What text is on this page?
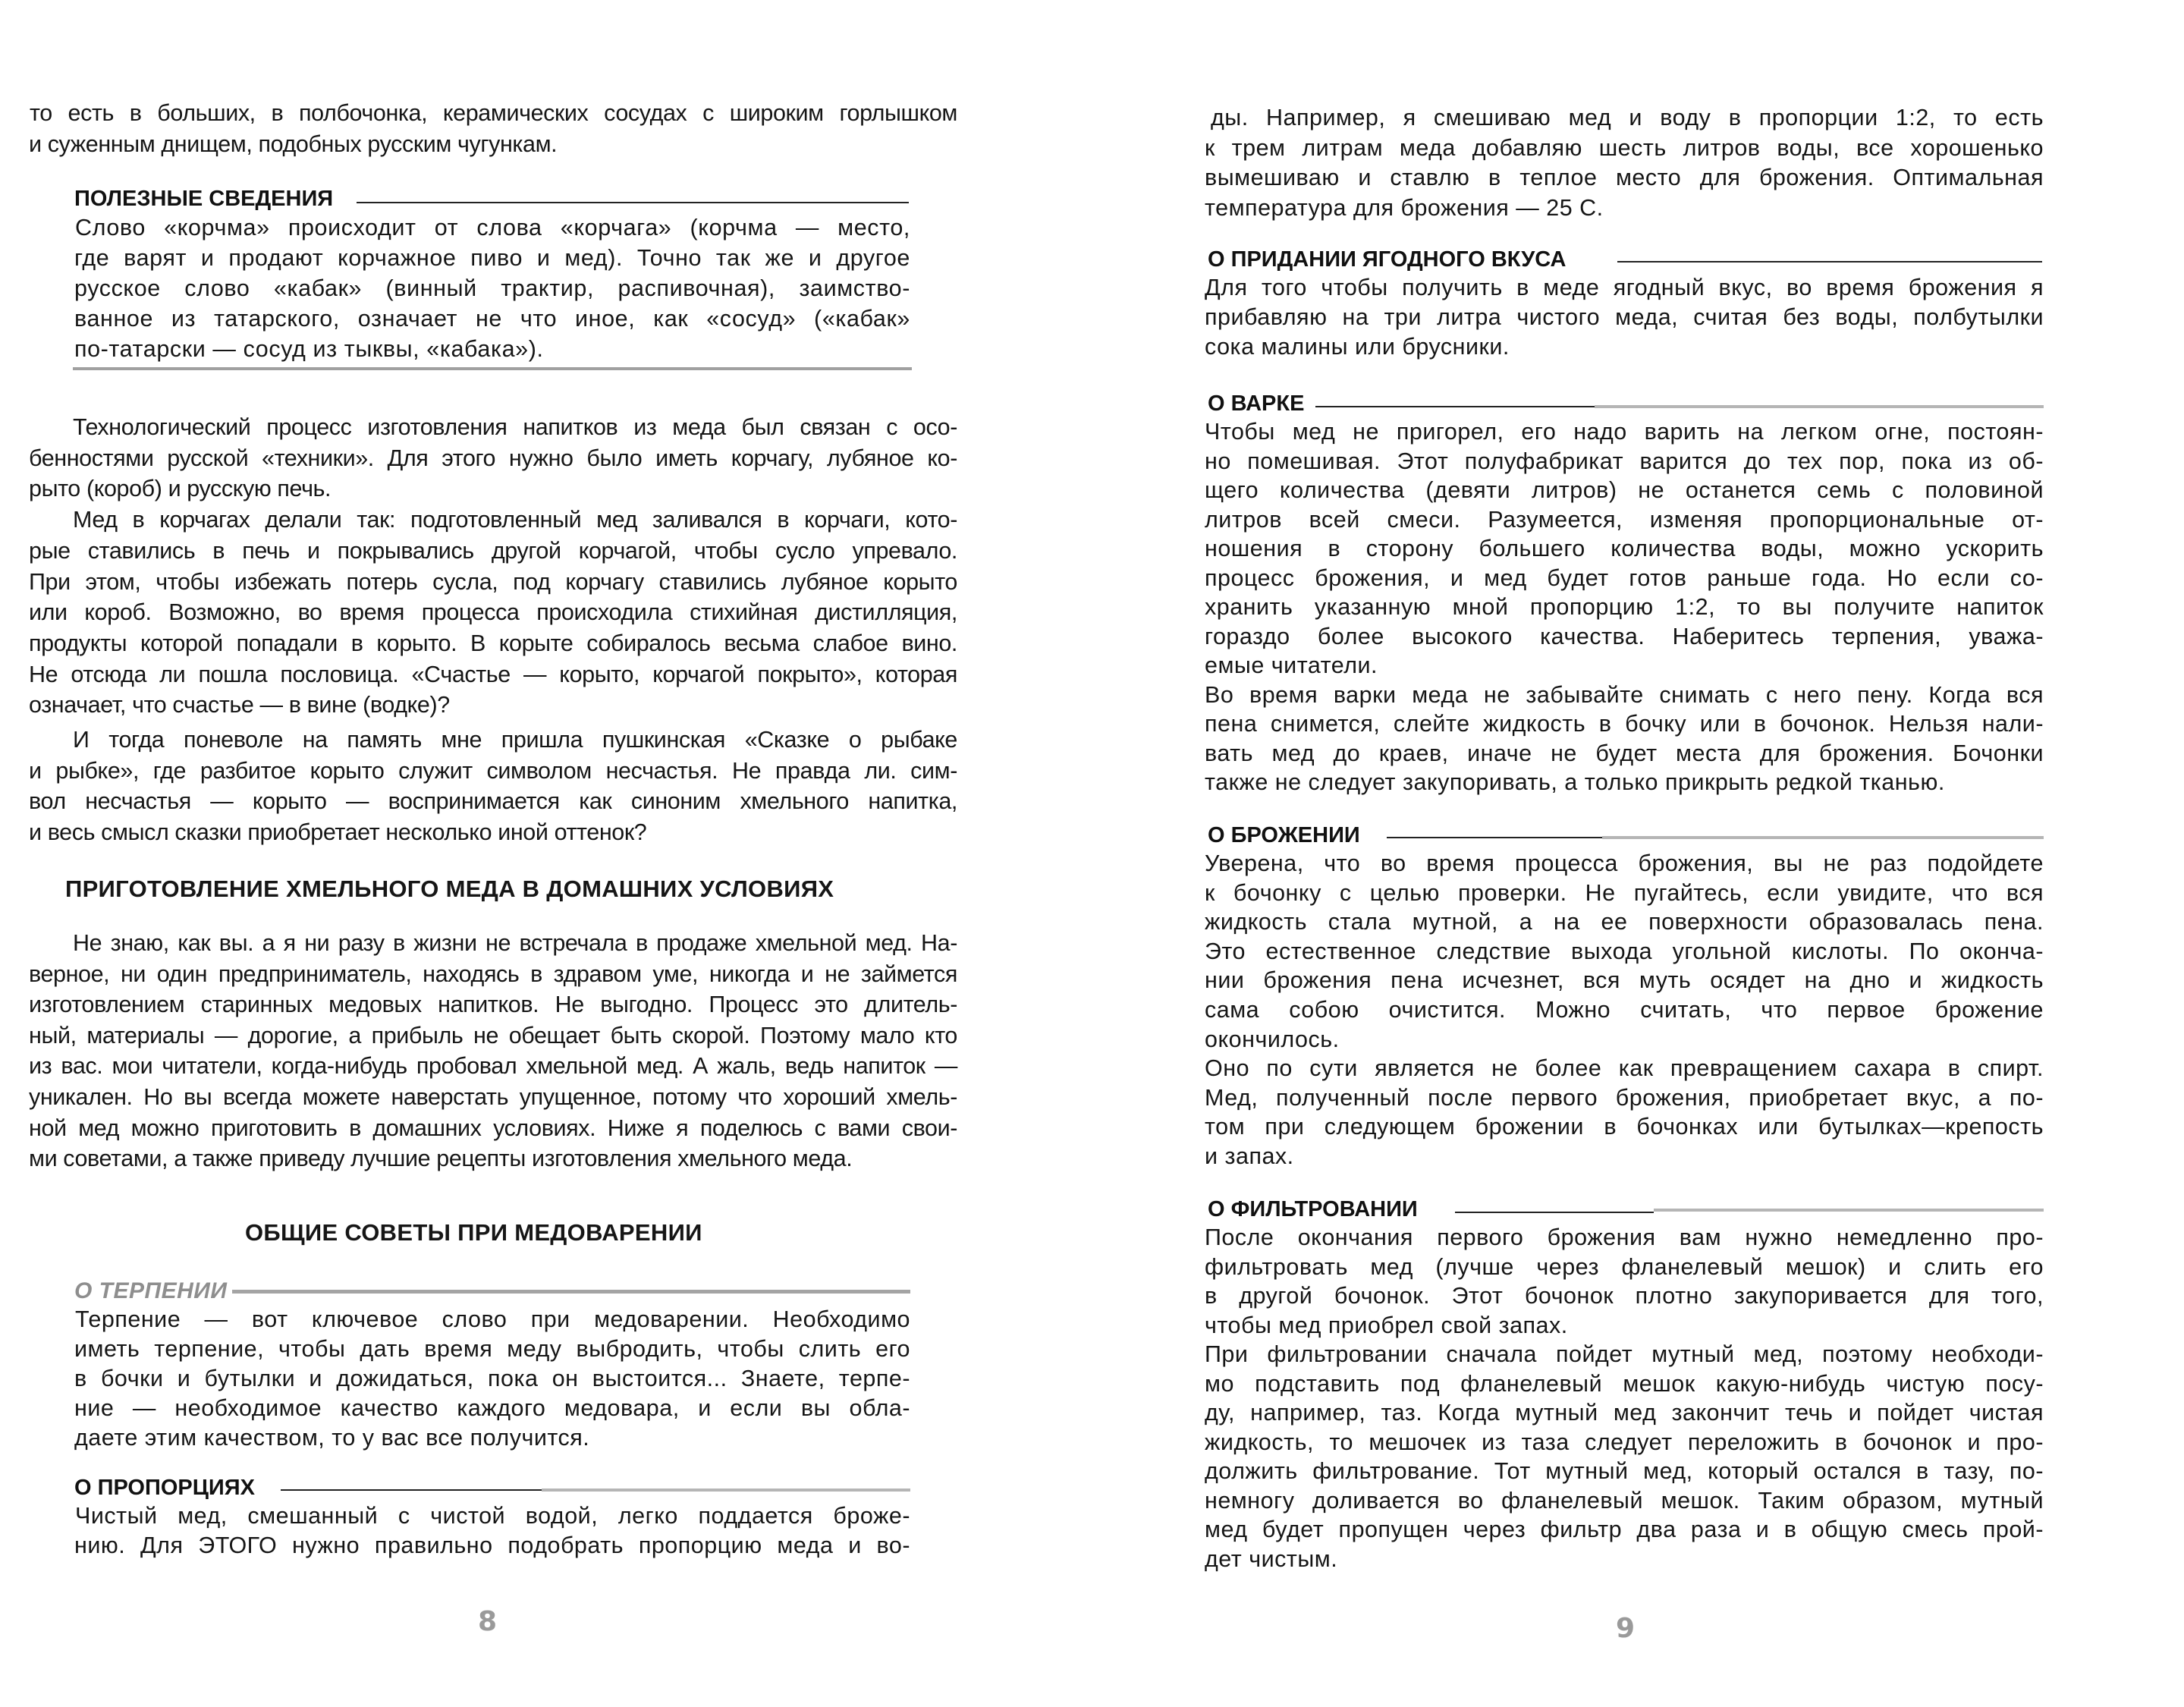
то есть в больших, в полбочонка, керамических сосудах с широким горлышком

и суженным днищем, подобных русским чугункам.

ПОЛЕЗНЫЕ СВЕДЕНИЯ

Слово «корчма» происходит от слова «корчага» (корчма — место,

где варят и продают корчажное пиво и мед). Точно так же и другое

русское слово «кабак» (винный трактир, распивочная), заимство-

ванное из татарского, означает не что иное, как «сосуд» («кабак»

по-татарски — сосуд из тыквы, «кабака»).

Технологический процесс изготовления напитков из меда был связан с осо-

бенностями русской «техники». Для этого нужно было иметь корчагу, лубяное ко-

рыто (короб) и русскую печь.

Мед в корчагах делали так: подготовленный мед заливался в корчаги, кото-

рые ставились в печь и покрывались другой корчагой, чтобы сусло упревало.

При этом, чтобы избежать потерь сусла, под корчагу ставились лубяное корыто

или короб. Возможно, во время процесса происходила стихийная дистилляция,

продукты которой попадали в корыто. В корыте собиралось весьма слабое вино.

Не отсюда ли пошла пословица. «Счастье — корыто, корчагой покрыто», которая

означает, что счастье — в вине (водке)?

И тогда поневоле на память мне пришла пушкинская «Сказке о рыбаке

и рыбке», где разбитое корыто служит символом несчастья. Не правда ли. сим-

вол несчастья — корыто — воспринимается как синоним хмельного напитка,

и весь смысл сказки приобретает несколько иной оттенок?

ПРИГОТОВЛЕНИЕ ХМЕЛЬНОГО МЕДА В ДОМАШНИХ УСЛОВИЯХ

Не знаю, как вы. а я ни разу в жизни не встречала в продаже хмельной мед. На-

верное, ни один предприниматель, находясь в здравом уме, никогда и не займется

изготовлением старинных медовых напитков. Не выгодно. Процесс это длитель-

ный, материалы — дорогие, а прибыль не обещает быть скорой. Поэтому мало кто

из вас. мои читатели, когда-нибудь пробовал хмельной мед. А жаль, ведь напиток —

уникален. Но вы всегда можете наверстать упущенное, потому что хороший хмель-

ной мед можно приготовить в домашних условиях. Ниже я поделюсь с вами свои-

ми советами, а также приведу лучшие рецепты изготовления хмельного меда.

ОБЩИЕ СОВЕТЫ ПРИ МЕДОВАРЕНИИ
О ТЕРПЕНИИ

Терпение — вот ключевое слово при медоварении. Необходимо

иметь терпение, чтобы дать время меду выбродить, чтобы слить его

в бочки и бутылки и дожидаться, пока он выстоится... Знаете, терпе-

ние — необходимое качество каждого медовара, и если вы обла-

даете этим качеством, то у вас все получится.

О ПРОПОРЦИЯХ

Чистый мед, смешанный с чистой водой, легко поддается броже-

нию. Для ЭТОГО нужно правильно подобрать пропорцию меда и во-

8

ды. Например, я смешиваю мед и воду в пропорции 1:2, то есть

к трем литрам меда добавляю шесть литров воды, все хорошенько

вымешиваю и ставлю в теплое место для брожения. Оптимальная

температура для брожения — 25 С.

О ПРИДАНИИ ЯГОДНОГО ВКУСА

Для того чтобы получить в меде ягодный вкус, во время брожения я

прибавляю на три литра чистого меда, считая без воды, полбутылки

сока малины или брусники.

О ВАРКЕ

Чтобы мед не пригорел, его надо варить на легком огне, постоян-

но помешивая. Этот полуфабрикат варится до тех пор, пока из об-

щего количества (девяти литров) не останется семь с половиной

литров всей смеси. Разумеется, изменяя пропорциональные от-

ношения в сторону большего количества воды, можно ускорить

процесс брожения, и мед будет готов раньше года. Но если со-

хранить указанную мной пропорцию 1:2, то вы получите напиток

гораздо более высокого качества. Наберитесь терпения, уважа-

емые читатели.

Во время варки меда не забывайте снимать с него пену. Когда вся

пена снимется, слейте жидкость в бочку или в бочонок. Нельзя нали-

вать мед до краев, иначе не будет места для брожения. Бочонки

также не следует закупоривать, а только прикрыть редкой тканью.

О БРОЖЕНИИ

Уверена, что во время процесса брожения, вы не раз подойдете

к бочонку с целью проверки. Не пугайтесь, если увидите, что вся

жидкость стала мутной, а на ее поверхности образовалась пена.

Это естественное следствие выхода угольной кислоты. По оконча-

нии брожения пена исчезнет, вся муть осядет на дно и жидкость

сама собою очистится. Можно считать, что первое брожение

окончилось.

Оно по сути является не более как превращением сахара в спирт.

Мед, полученный после первого брожения, приобретает вкус, а по-

том при следующем брожении в бочонках или бутылках—крепость

и запах.

О ФИЛЬТРОВАНИИ

После окончания первого брожения вам нужно немедленно про-

фильтровать мед (лучше через фланелевый мешок) и слить его

в другой бочонок. Этот бочонок плотно закупоривается для того,

чтобы мед приобрел свой запах.

При фильтровании сначала пойдет мутный мед, поэтому необходи-

мо подставить под фланелевый мешок какую-нибудь чистую посу-

ду, например, таз. Когда мутный мед закончит течь и пойдет чистая

жидкость, то мешочек из таза следует переложить в бочонок и про-

должить фильтрование. Тот мутный мед, который остался в тазу, по-

немногу доливается во фланелевый мешок. Таким образом, мутный

мед будет пропущен через фильтр два раза и в общую смесь прой-

дет чистым.

9
